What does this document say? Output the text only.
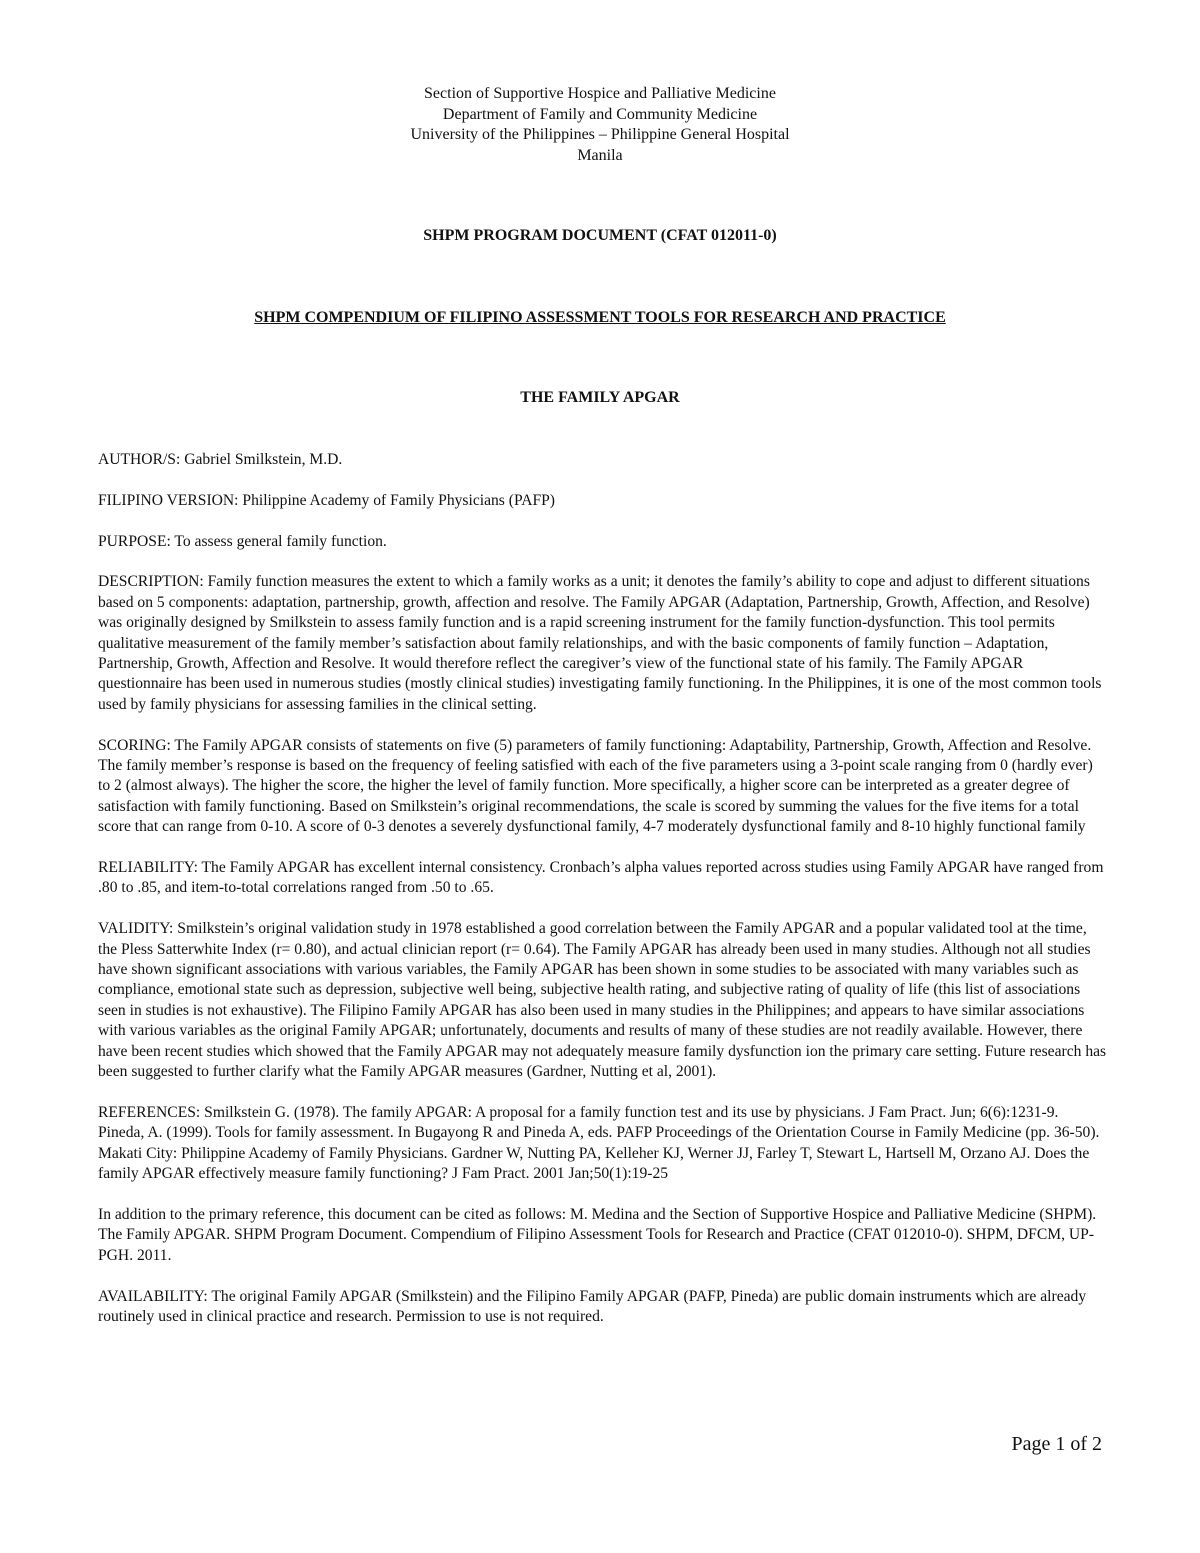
Section of Supportive Hospice and Palliative Medicine
Department of Family and Community Medicine
University of the Philippines – Philippine General Hospital
Manila
SHPM PROGRAM DOCUMENT (CFAT 012011-0)
SHPM COMPENDIUM OF FILIPINO ASSESSMENT TOOLS FOR RESEARCH AND PRACTICE
THE FAMILY APGAR

AUTHOR/S: Gabriel Smilkstein, M.D.

FILIPINO VERSION: Philippine Academy of Family Physicians (PAFP)

PURPOSE: To assess general family function.

DESCRIPTION: Family function measures the extent to which a family works as a unit; it denotes the family’s ability to cope and adjust to different situations based on 5 components: adaptation, partnership, growth, affection and resolve. The Family APGAR (Adaptation, Partnership, Growth, Affection, and Resolve) was originally designed by Smilkstein to assess family function and is a rapid screening instrument for the family function-dysfunction. This tool permits qualitative measurement of the family member’s satisfaction about family relationships, and with the basic components of family function – Adaptation, Partnership, Growth, Affection and Resolve. It would therefore reflect the caregiver’s view of the functional state of his family. The Family APGAR questionnaire has been used in numerous studies (mostly clinical studies) investigating family functioning. In the Philippines, it is one of the most common tools used by family physicians for assessing families in the clinical setting.

SCORING: The Family APGAR consists of statements on five (5) parameters of family functioning: Adaptability, Partnership, Growth, Affection and Resolve. The family member’s response is based on the frequency of feeling satisfied with each of the five parameters using a 3-point scale ranging from 0 (hardly ever) to 2 (almost always). The higher the score, the higher the level of family function. More specifically, a higher score can be interpreted as a greater degree of satisfaction with family functioning. Based on Smilkstein’s original recommendations, the scale is scored by summing the values for the five items for a total score that can range from 0-10. A score of 0-3 denotes a severely dysfunctional family, 4-7 moderately dysfunctional family and 8-10 highly functional family

RELIABILITY: The Family APGAR has excellent internal consistency. Cronbach’s alpha values reported across studies using Family APGAR have ranged from .80 to .85, and item-to-total correlations ranged from .50 to .65.

VALIDITY: Smilkstein’s original validation study in 1978 established a good correlation between the Family APGAR and a popular validated tool at the time, the Pless Satterwhite Index (r= 0.80), and actual clinician report (r= 0.64). The Family APGAR has already been used in many studies. Although not all studies have shown significant associations with various variables, the Family APGAR has been shown in some studies to be associated with many variables such as compliance, emotional state such as depression, subjective well being, subjective health rating, and subjective rating of quality of life (this list of associations seen in studies is not exhaustive). The Filipino Family APGAR has also been used in many studies in the Philippines; and appears to have similar associations with various variables as the original Family APGAR; unfortunately, documents and results of many of these studies are not readily available. However, there have been recent studies which showed that the Family APGAR may not adequately measure family dysfunction ion the primary care setting. Future research has been suggested to further clarify what the Family APGAR measures (Gardner, Nutting et al, 2001).

REFERENCES: Smilkstein G. (1978). The family APGAR: A proposal for a family function test and its use by physicians. J Fam Pract. Jun; 6(6):1231-9. Pineda, A. (1999). Tools for family assessment. In Bugayong R and Pineda A, eds. PAFP Proceedings of the Orientation Course in Family Medicine (pp. 36-50). Makati City: Philippine Academy of Family Physicians. Gardner W, Nutting PA, Kelleher KJ, Werner JJ, Farley T, Stewart L, Hartsell M, Orzano AJ. Does the family APGAR effectively measure family functioning? J Fam Pract. 2001 Jan;50(1):19-25

In addition to the primary reference, this document can be cited as follows: M. Medina and the Section of Supportive Hospice and Palliative Medicine (SHPM). The Family APGAR. SHPM Program Document. Compendium of Filipino Assessment Tools for Research and Practice (CFAT 012010-0). SHPM, DFCM, UP-PGH. 2011.

AVAILABILITY: The original Family APGAR (Smilkstein) and the Filipino Family APGAR (PAFP, Pineda) are public domain instruments which are already routinely used in clinical practice and research. Permission to use is not required.

Page 1 of 2
